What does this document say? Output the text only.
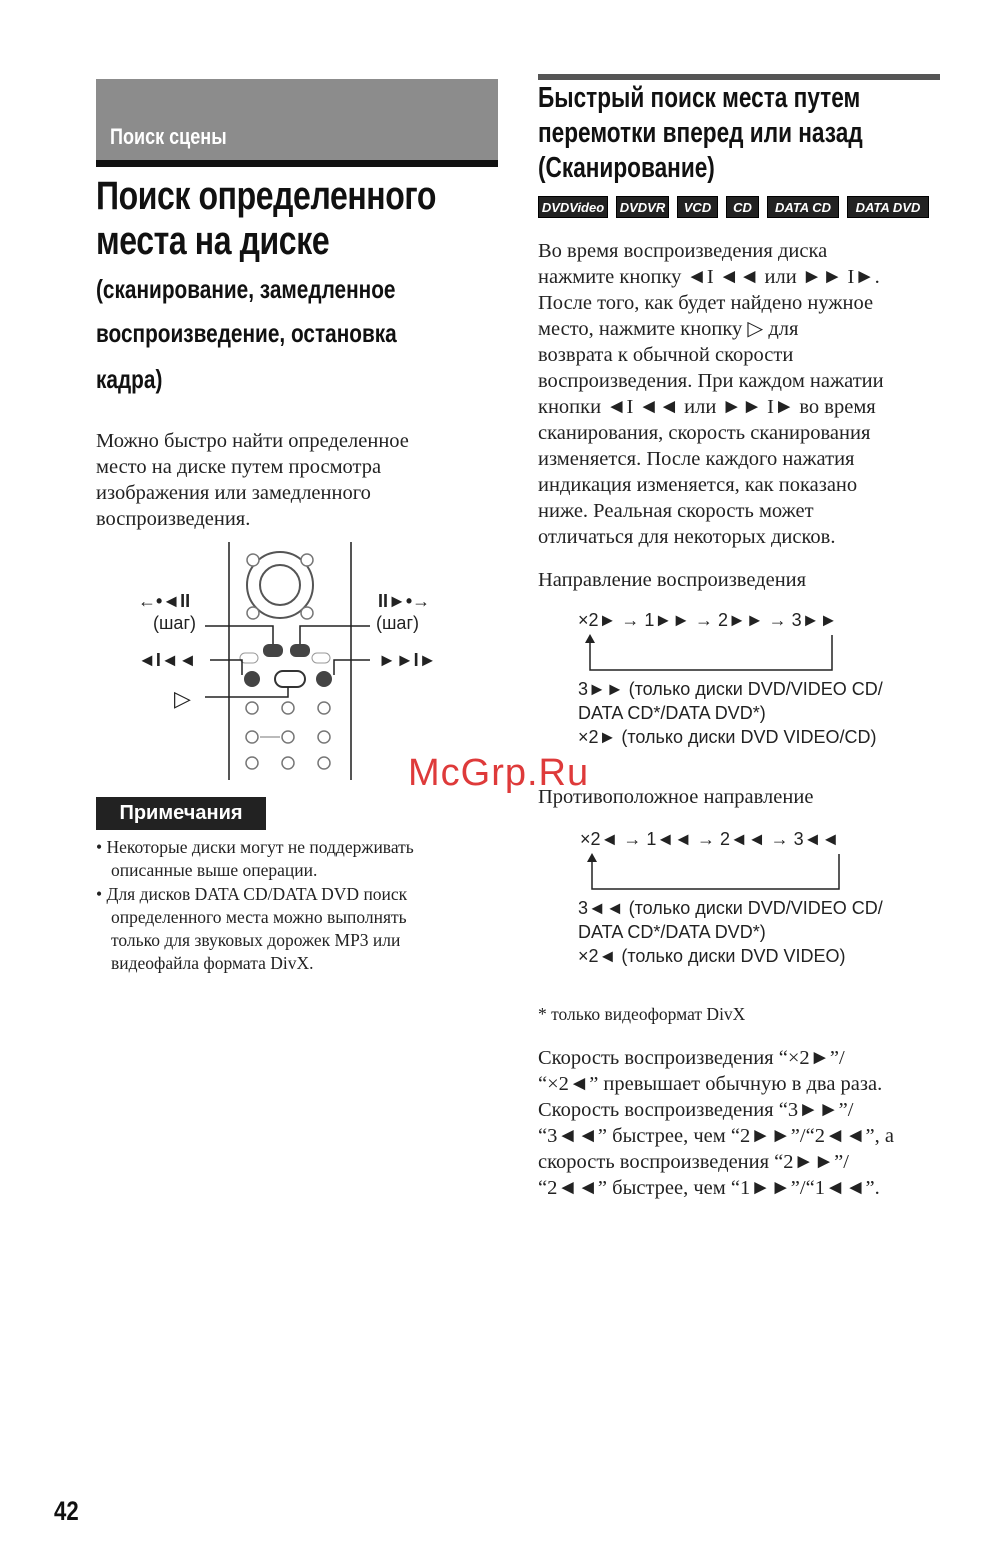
Поиск сцены
Поиск определенного
места на диске
(сканирование, замедленное
воспроизведение, остановка
кадра)
Можно быстро найти определенное
место на диске путем просмотра
изображения или замедленного
воспроизведения.
←•◄II
(шаг)
II►•→
(шаг)
◄I◄◄	►►I►
▷
Примечания
• Некоторые диски могут не поддерживать
описанные выше операции.
• Для дисков DATA CD/DATA DVD поиск
определенного места можно выполнять
только для звуковых дорожек MP3 или
видеофайла формата DivX.
Быстрый поиск места путем
перемотки вперед или назад
(Сканирование)
DVDVideo DVDVR	VCD	CD	DATA CD	DATA DVD
Во время воспроизведения диска
нажмите кнопку ◄I ◄◄ или ►► I►.
После того, как будет найдено нужное
место, нажмите кнопку ▷ для
возврата к обычной скорости
воспроизведения. При каждом нажатии
кнопки ◄I ◄◄ или ►► I► во время
сканирования, скорость сканирования
изменяется. После каждого нажатия
индикация изменяется, как показано
ниже. Реальная скорость может
отличаться для некоторых дисков.
Направление воспроизведения
×2► → 1►► → 2►► → 3►►
3►► (только диски DVD/VIDEO CD/
DATA CD*/DATA DVD*)
×2► (только диски DVD VIDEO/CD)
Противоположное направление
×2◄ → 1◄◄ → 2◄◄ → 3◄◄
3◄◄ (только диски DVD/VIDEO CD/
DATA CD*/DATA DVD*)
×2◄ (только диски DVD VIDEO)
* только видеоформат DivX
Скорость воспроизведения “×2►”/
“×2◄” превышает обычную в два раза.
Скорость воспроизведения “3►►”/
“3◄◄” быстрее, чем “2►►”/“2◄◄”, а
скорость воспроизведения “2►►”/
“2◄◄” быстрее, чем “1►►”/“1◄◄”.
McGrp.Ru
42
